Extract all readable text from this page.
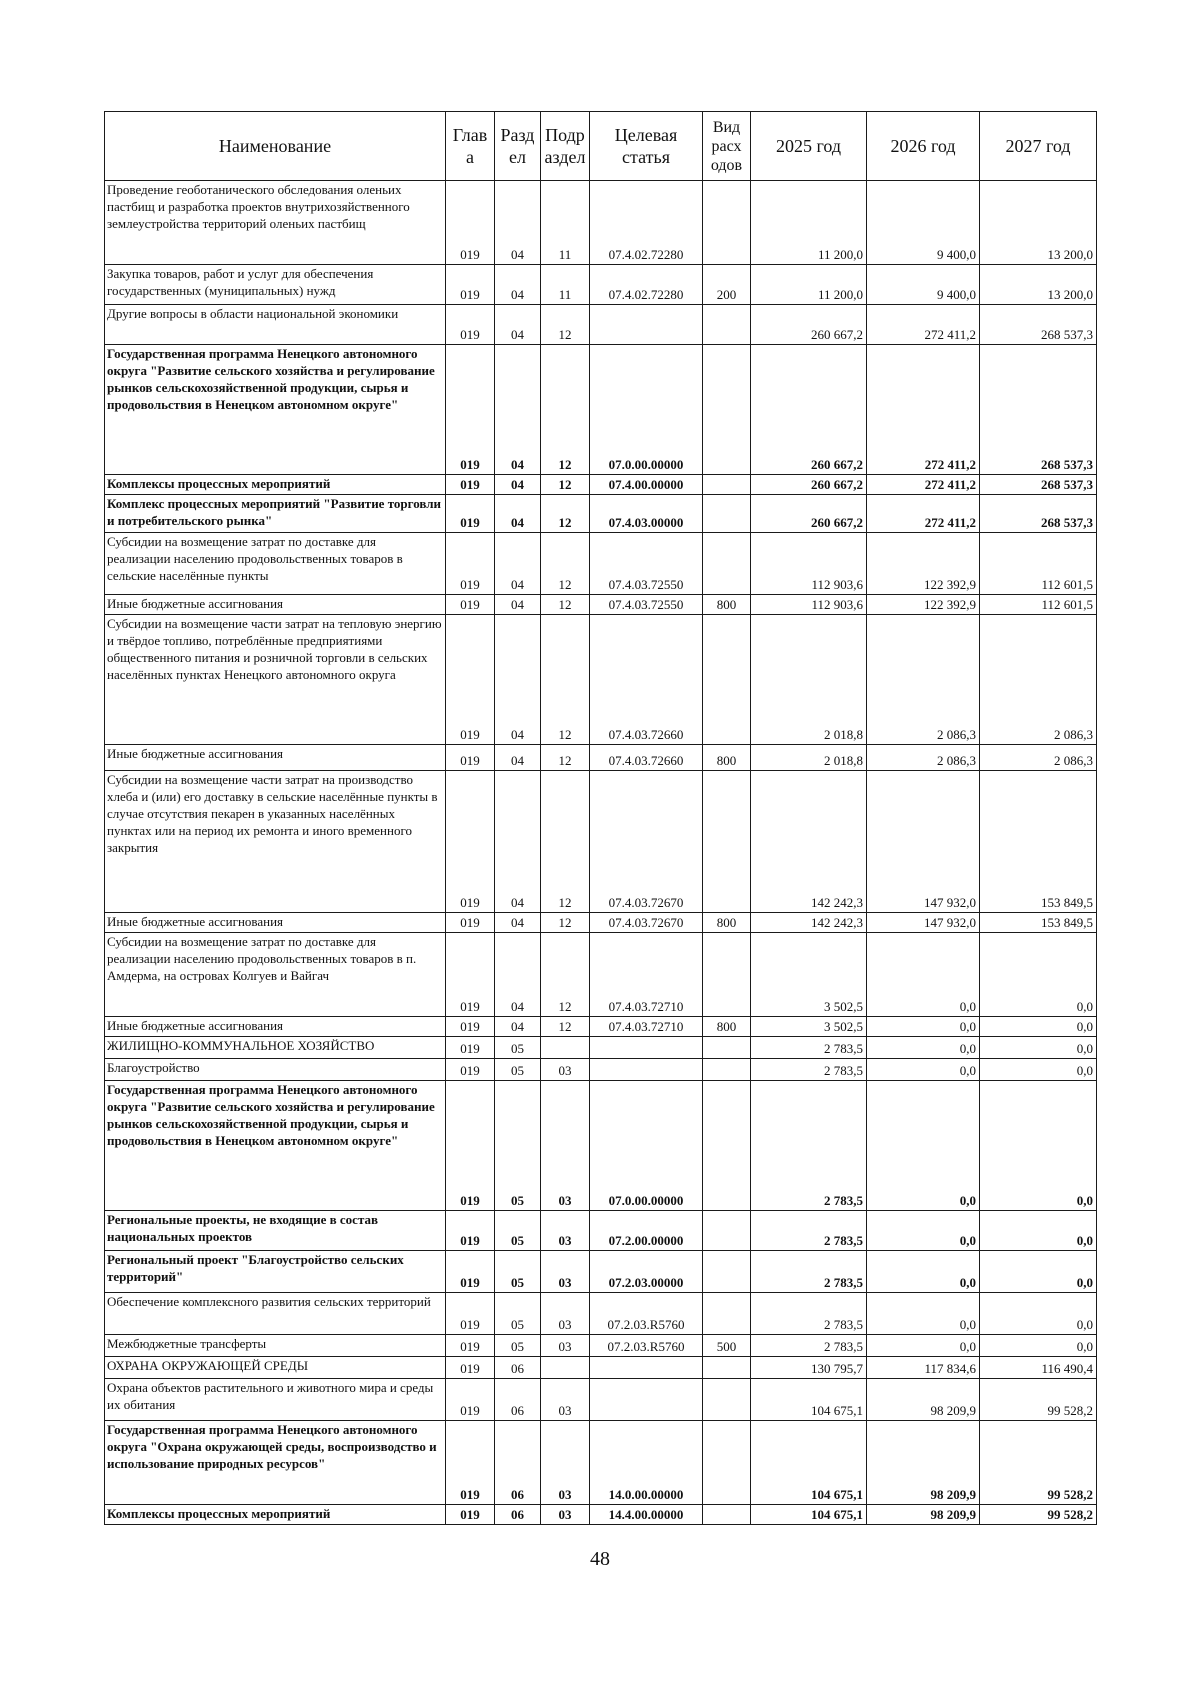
Наименование	Глав а	Разд ел	Подр аздел	Целевая статья	Вид расх одов	2025 год	2026 год	2027 год
Проведение геоботанического обследования оленьих пастбищ и разработка проектов внутрихозяйственного землеустройства территорий оленьих пастбищ	019	04	11	07.4.02.72280		11 200,0	9 400,0	13 200,0
Закупка товаров, работ и услуг для обеспечения государственных (муниципальных) нужд	019	04	11	07.4.02.72280	200	11 200,0	9 400,0	13 200,0
Другие вопросы в области национальной экономики	019	04	12			260 667,2	272 411,2	268 537,3
Государственная программа Ненецкого автономного округа "Развитие сельского хозяйства и регулирование рынков сельскохозяйственной продукции, сырья и продовольствия в Ненецком автономном округе"	019	04	12	07.0.00.00000		260 667,2	272 411,2	268 537,3
Комплексы процессных мероприятий	019	04	12	07.4.00.00000		260 667,2	272 411,2	268 537,3
Комплекс процессных мероприятий "Развитие торговли и потребительского рынка"	019	04	12	07.4.03.00000		260 667,2	272 411,2	268 537,3
Субсидии на возмещение затрат по доставке для реализации населению продовольственных товаров в сельские населённые пункты	019	04	12	07.4.03.72550		112 903,6	122 392,9	112 601,5
Иные бюджетные ассигнования	019	04	12	07.4.03.72550	800	112 903,6	122 392,9	112 601,5
Субсидии на возмещение части затрат на тепловую энергию и твёрдое топливо, потреблённые предприятиями общественного питания и розничной торговли в сельских населённых пунктах Ненецкого автономного округа	019	04	12	07.4.03.72660		2 018,8	2 086,3	2 086,3
Иные бюджетные ассигнования	019	04	12	07.4.03.72660	800	2 018,8	2 086,3	2 086,3
Субсидии на возмещение части затрат на производство хлеба и (или) его доставку в сельские населённые пункты в случае отсутствия пекарен в указанных населённых пунктах или на период их ремонта и иного временного закрытия	019	04	12	07.4.03.72670		142 242,3	147 932,0	153 849,5
Иные бюджетные ассигнования	019	04	12	07.4.03.72670	800	142 242,3	147 932,0	153 849,5
Субсидии на возмещение затрат по доставке для реализации населению продовольственных товаров в п. Амдерма, на островах Колгуев и Вайгач	019	04	12	07.4.03.72710		3 502,5	0,0	0,0
Иные бюджетные ассигнования	019	04	12	07.4.03.72710	800	3 502,5	0,0	0,0
ЖИЛИЩНО-КОММУНАЛЬНОЕ ХОЗЯЙСТВО	019	05				2 783,5	0,0	0,0
Благоустройство	019	05	03			2 783,5	0,0	0,0
Государственная программа Ненецкого автономного округа "Развитие сельского хозяйства и регулирование рынков сельскохозяйственной продукции, сырья и продовольствия в Ненецком автономном округе"	019	05	03	07.0.00.00000		2 783,5	0,0	0,0
Региональные проекты, не входящие в состав национальных проектов	019	05	03	07.2.00.00000		2 783,5	0,0	0,0
Региональный проект "Благоустройство сельских территорий"	019	05	03	07.2.03.00000		2 783,5	0,0	0,0
Обеспечение комплексного развития сельских территорий	019	05	03	07.2.03.R5760		2 783,5	0,0	0,0
Межбюджетные трансферты	019	05	03	07.2.03.R5760	500	2 783,5	0,0	0,0
ОХРАНА ОКРУЖАЮЩЕЙ СРЕДЫ	019	06				130 795,7	117 834,6	116 490,4
Охрана объектов растительного и животного мира и среды их обитания	019	06	03			104 675,1	98 209,9	99 528,2
Государственная программа Ненецкого автономного округа "Охрана окружающей среды, воспроизводство и использование природных ресурсов"	019	06	03	14.0.00.00000		104 675,1	98 209,9	99 528,2
Комплексы процессных мероприятий	019	06	03	14.4.00.00000		104 675,1	98 209,9	99 528,2
48
